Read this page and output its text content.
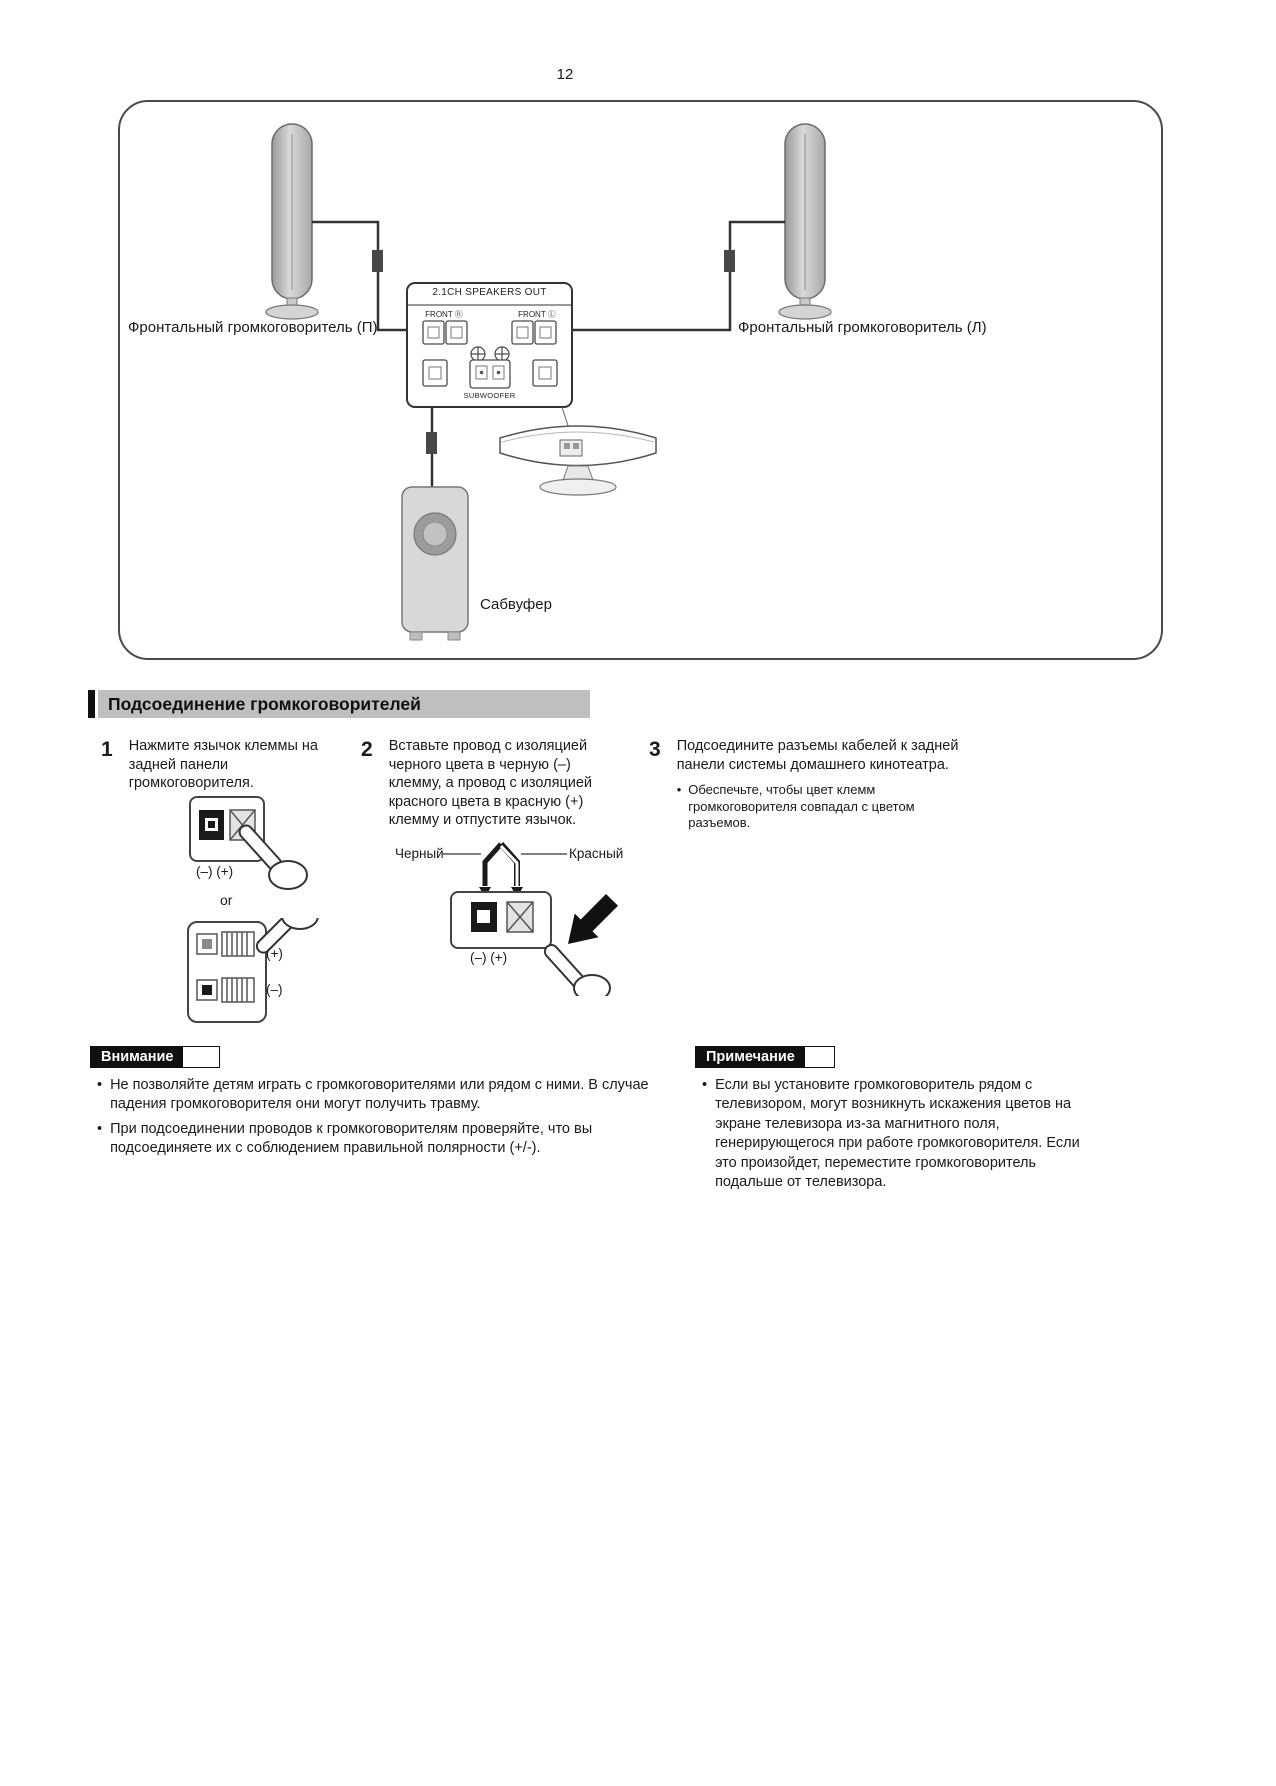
12
Фронтальный громкоговоритель (П)	Фронтальный громкоговоритель (Л)
2.1CH SPEAKERS OUT
FRONT Ⓡ	FRONT Ⓛ
SUBWOOFER
Сабвуфер
Подсоединение громкоговорителей
1 Нажмите язычок клеммы на задней панели громкоговорителя.
2 Вставьте провод с изоляцией черного цвета в черную (–) клемму, а провод с изоляцией красного цвета в красную (+) клемму и отпустите язычок.
3 Подсоедините разъемы кабелей к задней панели системы домашнего кинотеатра.
• Обеспечьте, чтобы цвет клемм громкоговорителя совпадал с цветом разъемов.
(–) (+)
or
(+)
(–)
Черный	Красный
(–) (+)
Внимание
• Не позволяйте детям играть с громкоговорителями или рядом с ними. В случае падения громкоговорителя они могут получить травму.
• При подсоединении проводов к громкоговорителям проверяйте, что вы подсоединяете их с соблюдением правильной полярности (+/-).
Примечание
• Если вы установите громкоговоритель рядом с телевизором, могут возникнуть искажения цветов на экране телевизора из-за магнитного поля, генерирующегося при работе громкоговорителя. Если это произойдет, переместите громкоговоритель подальше от телевизора.
